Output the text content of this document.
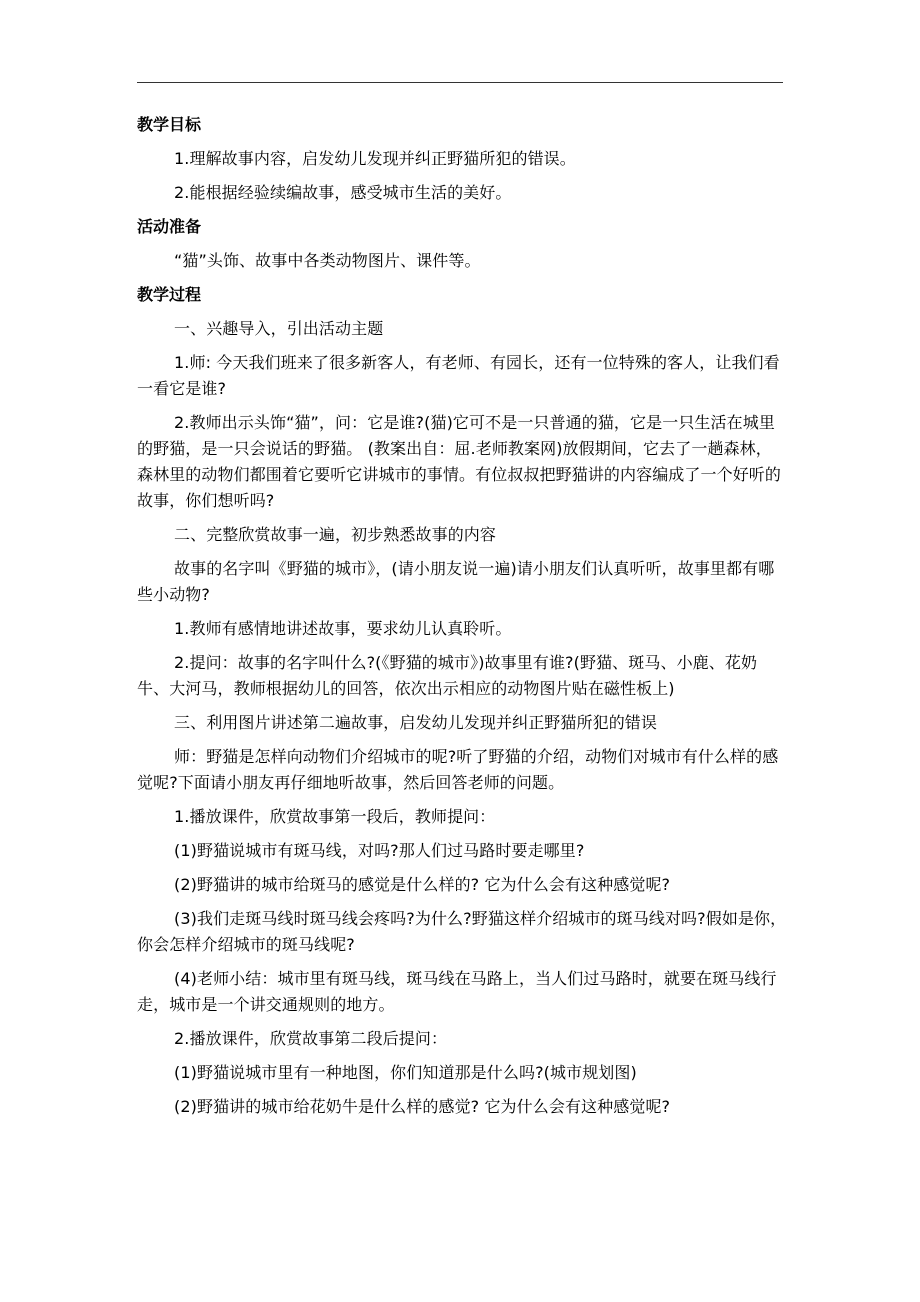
教学目标
1.理解故事内容，启发幼儿发现并纠正野猫所犯的错误。
2.能根据经验续编故事，感受城市生活的美好。
活动准备
“猫”头饰、故事中各类动物图片、课件等。
教学过程
一、兴趣导入，引出活动主题
1.师: 今天我们班来了很多新客人，有老师、有园长，还有一位特殊的客人，让我们看一看它是谁?
2.教师出示头饰“猫”，问：它是谁?(猫)它可不是一只普通的猫，它是一只生活在城里的野猫，是一只会说话的野猫。 (教案出自：屈.老师教案网)放假期间，它去了一趟森林，森林里的动物们都围着它要听它讲城市的事情。有位叔叔把野猫讲的内容编成了一个好听的故事，你们想听吗?
二、完整欣赏故事一遍，初步熟悉故事的内容
故事的名字叫《野猫的城市》，(请小朋友说一遍)请小朋友们认真听听，故事里都有哪些小动物?
1.教师有感情地讲述故事，要求幼儿认真聆听。
2.提问：故事的名字叫什么?(《野猫的城市》)故事里有谁?(野猫、斑马、小鹿、花奶牛、大河马，教师根据幼儿的回答，依次出示相应的动物图片贴在磁性板上)
三、利用图片讲述第二遍故事，启发幼儿发现并纠正野猫所犯的错误
师：野猫是怎样向动物们介绍城市的呢?听了野猫的介绍，动物们对城市有什么样的感觉呢?下面请小朋友再仔细地听故事，然后回答老师的问题。
1.播放课件，欣赏故事第一段后，教师提问：
(1)野猫说城市有斑马线，对吗?那人们过马路时要走哪里?
(2)野猫讲的城市给斑马的感觉是什么样的? 它为什么会有这种感觉呢?
(3)我们走斑马线时斑马线会疼吗?为什么?野猫这样介绍城市的斑马线对吗?假如是你，你会怎样介绍城市的斑马线呢?
(4)老师小结：城市里有斑马线，斑马线在马路上，当人们过马路时，就要在斑马线行走，城市是一个讲交通规则的地方。
2.播放课件，欣赏故事第二段后提问：
(1)野猫说城市里有一种地图，你们知道那是什么吗?(城市规划图)
(2)野猫讲的城市给花奶牛是什么样的感觉? 它为什么会有这种感觉呢?
